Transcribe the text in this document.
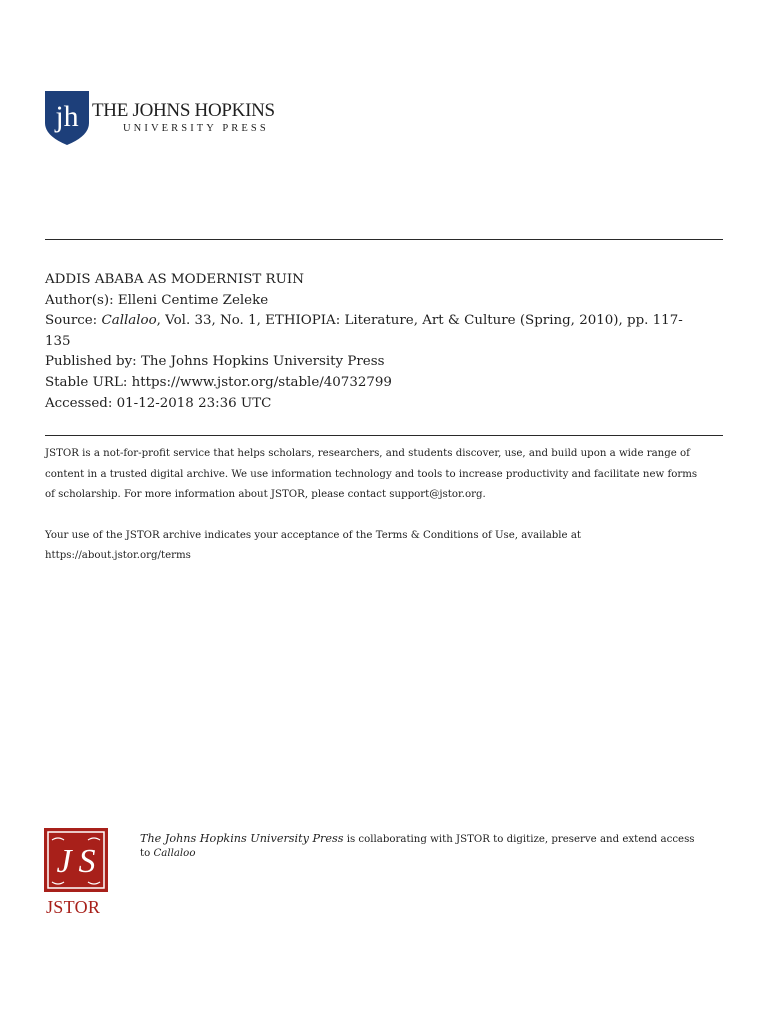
jh THE JOHNS HOPKINS
UNIVERSITY PRESS
ADDIS ABABA AS MODERNIST RUIN
Author(s): Elleni Centime Zeleke
Source: Callaloo, Vol. 33, No. 1, ETHIOPIA: Literature, Art & Culture (Spring, 2010), pp. 117-135
Published by: The Johns Hopkins University Press
Stable URL: https://www.jstor.org/stable/40732799
Accessed: 01-12-2018 23:36 UTC

JSTOR is a not-for-profit service that helps scholars, researchers, and students discover, use, and build upon a wide range of content in a trusted digital archive. We use information technology and tools to increase productivity and facilitate new forms of scholarship. For more information about JSTOR, please contact support@jstor.org.

Your use of the JSTOR archive indicates your acceptance of the Terms & Conditions of Use, available at https://about.jstor.org/terms

J S
JSTOR
The Johns Hopkins University Press is collaborating with JSTOR to digitize, preserve and extend access to Callaloo
